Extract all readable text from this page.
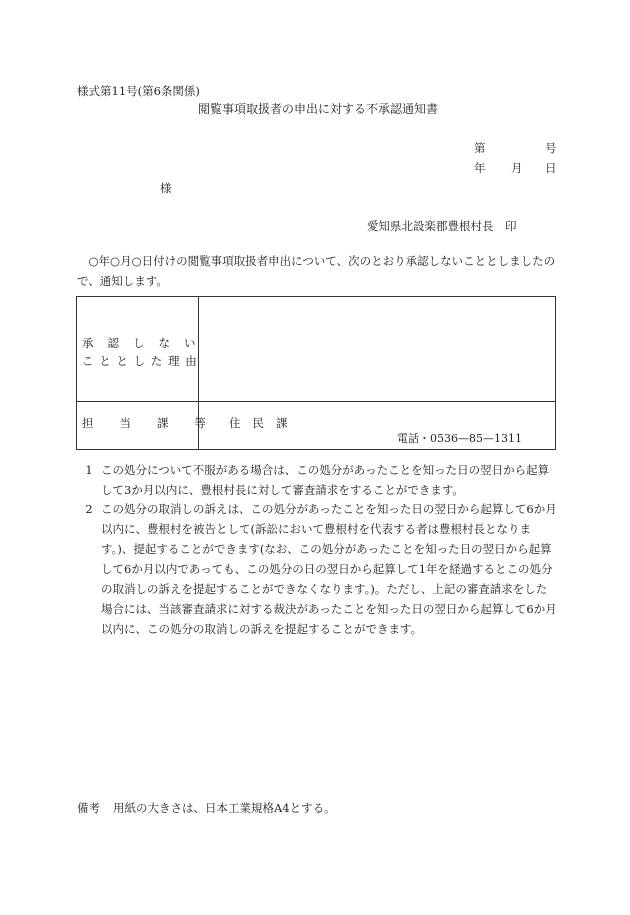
様式第11号(第6条関係)
閲覧事項取扱者の申出に対する不承認通知書
第	号
年 月 日
様
愛知県北設楽郡豊根村長　印
○年○月○日付けの閲覧事項取扱者申出について、次のとおり承認しないこととしましたので、通知します。
承認しない
こととした理由
担当課等
住民課
電話・0536—85—1311
1 この処分について不服がある場合は、この処分があったことを知った日の翌日から起算して3か月以内に、豊根村長に対して審査請求をすることができます。
2 この処分の取消しの訴えは、この処分があったことを知った日の翌日から起算して6か月以内に、豊根村を被告として(訴訟において豊根村を代表する者は豊根村長となります。)、提起することができます(なお、この処分があったことを知った日の翌日から起算して6か月以内であっても、この処分の日の翌日から起算して1年を経過するとこの処分の取消しの訴えを提起することができなくなります。)。ただし、上記の審査請求をした場合には、当該審査請求に対する裁決があったことを知った日の翌日から起算して6か月以内に、この処分の取消しの訴えを提起することができます。
備考 用紙の大きさは、日本工業規格A4とする。
